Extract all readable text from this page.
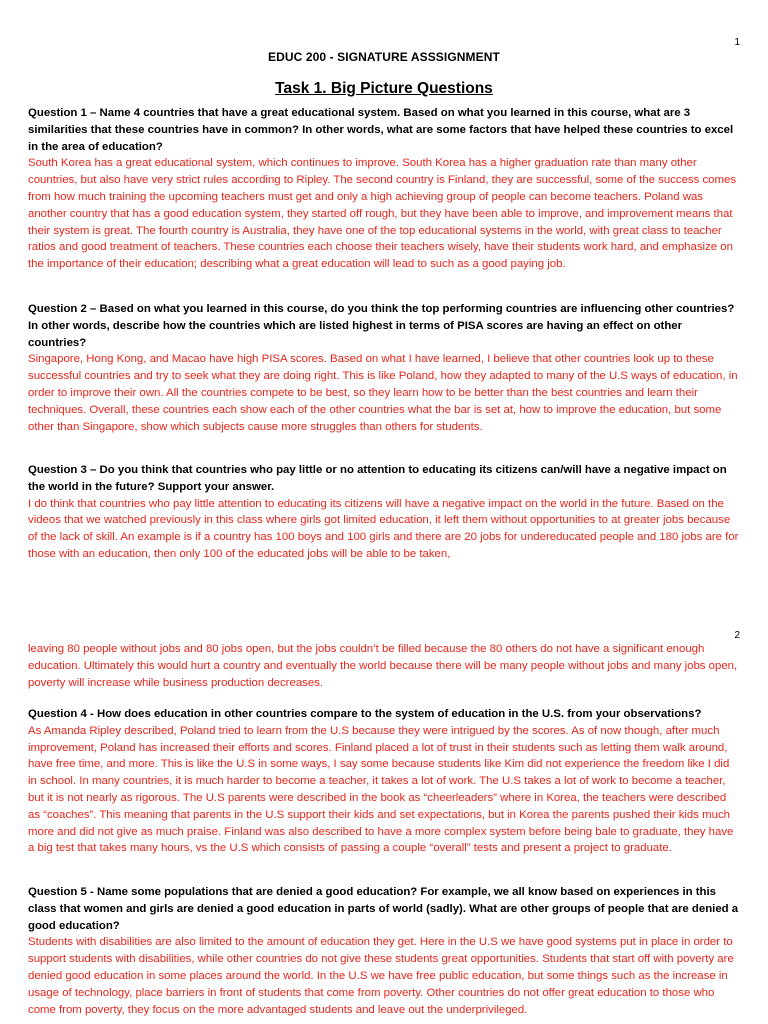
1
EDUC 200 - SIGNATURE ASSSIGNMENT
Task 1. Big Picture Questions

Question 1 – Name 4 countries that have a great educational system. Based on what you learned in this course, what are 3 similarities that these countries have in common? In other words, what are some factors that have helped these countries to excel in the area of education?

South Korea has a great educational system, which continues to improve. South Korea has a higher graduation rate than many other countries, but also have very strict rules according to Ripley. The second country is Finland, they are successful, some of the success comes from how much training the upcoming teachers must get and only a high achieving group of people can become teachers. Poland was another country that has a good education system, they started off rough, but they have been able to improve, and improvement means that their system is great. The fourth country is Australia, they have one of the top educational systems in the world, with great class to teacher ratios and good treatment of teachers. These countries each choose their teachers wisely, have their students work hard, and emphasize on the importance of their education; describing what a great education will lead to such as a good paying job.

Question 2 – Based on what you learned in this course, do you think the top performing countries are influencing other countries? In other words, describe how the countries which are listed highest in terms of PISA scores are having an effect on other countries?

Singapore, Hong Kong, and Macao have high PISA scores. Based on what I have learned, I believe that other countries look up to these successful countries and try to seek what they are doing right. This is like Poland, how they adapted to many of the U.S ways of education, in order to improve their own. All the countries compete to be best, so they learn how to be better than the best countries and learn their techniques. Overall, these countries each show each of the other countries what the bar is set at, how to improve the education, but some other than Singapore, show which subjects cause more struggles than others for students.

Question 3 – Do you think that countries who pay little or no attention to educating its citizens can/will have a negative impact on the world in the future? Support your answer.

I do think that countries who pay little attention to educating its citizens will have a negative impact on the world in the future. Based on the videos that we watched previously in this class where girls got limited education, it left them without opportunities to at greater jobs because of the lack of skill. An example is if a country has 100 boys and 100 girls and there are 20 jobs for undereducated people and 180 jobs are for those with an education, then only 100 of the educated jobs will be able to be taken,

2

leaving 80 people without jobs and 80 jobs open, but the jobs couldn’t be filled because the 80 others do not have a significant enough education. Ultimately this would hurt a country and eventually the world because there will be many people without jobs and many jobs open, poverty will increase while business production decreases.

Question 4 - How does education in other countries compare to the system of education in the U.S. from your observations?

As Amanda Ripley described, Poland tried to learn from the U.S because they were intrigued by the scores. As of now though, after much improvement, Poland has increased their efforts and scores. Finland placed a lot of trust in their students such as letting them walk around, have free time, and more. This is like the U.S in some ways, I say some because students like Kim did not experience the freedom like I did in school. In many countries, it is much harder to become a teacher, it takes a lot of work. The U.S takes a lot of work to become a teacher, but it is not nearly as rigorous. The U.S parents were described in the book as “cheerleaders” where in Korea, the teachers were described as “coaches”. This meaning that parents in the U.S support their kids and set expectations, but in Korea the parents pushed their kids much more and did not give as much praise. Finland was also described to have a more complex system before being bale to graduate, they have a big test that takes many hours, vs the U.S which consists of passing a couple “overall” tests and present a project to graduate.

Question 5 - Name some populations that are denied a good education? For example, we all know based on experiences in this class that women and girls are denied a good education in parts of world (sadly). What are other groups of people that are denied a good education?

Students with disabilities are also limited to the amount of education they get. Here in the U.S we have good systems put in place in order to support students with disabilities, while other countries do not give these students great opportunities. Students that start off with poverty are denied good education in some places around the world. In the U.S we have free public education, but some things such as the increase in usage of technology, place barriers in front of students that come from poverty. Other countries do not offer great education to those who come from poverty, they focus on the more advantaged students and leave out the underprivileged.
